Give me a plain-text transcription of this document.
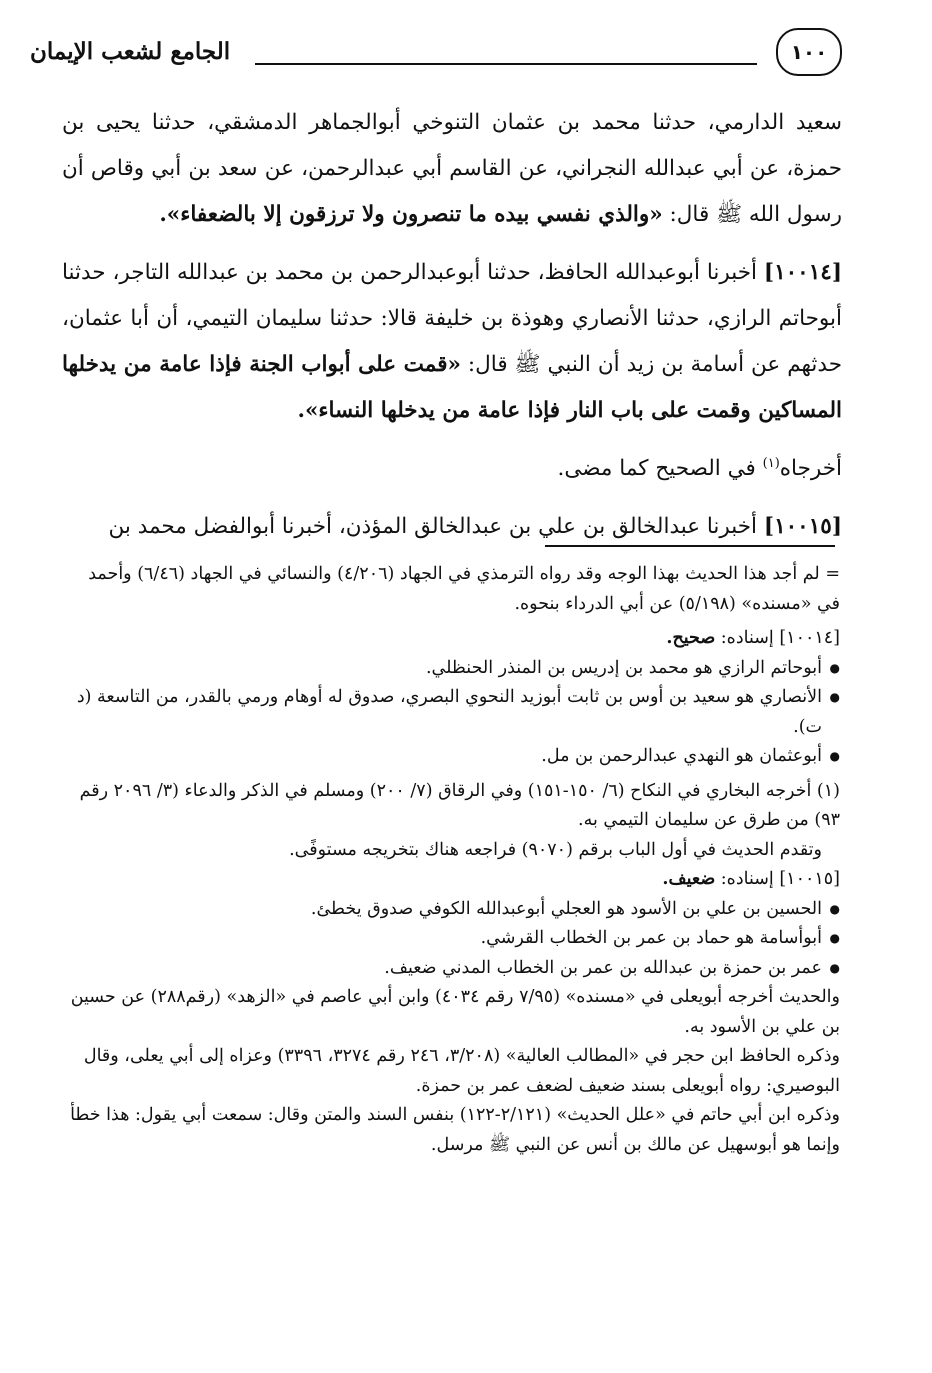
الجامع لشعب الإيمان	١٠٠

سعيد الدارمي، حدثنا محمد بن عثمان التنوخي أبوالجماهر الدمشقي، حدثنا يحيى بن حمزة، عن أبي عبدالله النجراني، عن القاسم أبي عبدالرحمن، عن سعد بن أبي وقاص أن رسول الله ﷺ قال: «والذي نفسي بيده ما تنصرون ولا ترزقون إلا بالضعفاء».

[١٠٠١٤] أخبرنا أبوعبدالله الحافظ، حدثنا أبوعبدالرحمن بن محمد بن عبدالله التاجر، حدثنا أبوحاتم الرازي، حدثنا الأنصاري وهوذة بن خليفة قالا: حدثنا سليمان التيمي، أن أبا عثمان، حدثهم عن أسامة بن زيد أن النبي ﷺ قال: «قمت على أبواب الجنة فإذا عامة من يدخلها المساكين وقمت على باب النار فإذا عامة من يدخلها النساء».

أخرجاه$^{(١)}$ في الصحيح كما مضى.

[١٠٠١٥] أخبرنا عبدالخالق بن علي بن عبدالخالق المؤذن، أخبرنا أبوالفضل محمد بن

= لم أجد هذا الحديث بهذا الوجه وقد رواه الترمذي في الجهاد (٤/٢٠٦) والنسائي في الجهاد (٦/٤٦) وأحمد في «مسنده» (٥/١٩٨) عن أبي الدرداء بنحوه.

[١٠٠١٤] إسناده: صحيح.

● أبوحاتم الرازي هو محمد بن إدريس بن المنذر الحنظلي.

● الأنصاري هو سعيد بن أوس بن ثابت أبوزيد النحوي البصري، صدوق له أوهام ورمي بالقدر، من التاسعة (د ت).

● أبوعثمان هو النهدي عبدالرحمن بن مل.

(١) أخرجه البخاري في النكاح (٦/ ١٥٠-١٥١) وفي الرقاق (٧/ ٢٠٠) ومسلم في الذكر والدعاء (٣/ ٢٠٩٦ رقم ٩٣) من طرق عن سليمان التيمي به.

وتقدم الحديث في أول الباب برقم (٩٠٧٠) فراجعه هناك بتخريجه مستوفًى.

[١٠٠١٥] إسناده: ضعيف.

● الحسين بن علي بن الأسود هو العجلي أبوعبدالله الكوفي صدوق يخطئ.

● أبوأسامة هو حماد بن عمر بن الخطاب القرشي.

● عمر بن حمزة بن عبدالله بن عمر بن الخطاب المدني ضعيف.

والحديث أخرجه أبويعلى في «مسنده» (٧/٩٥ رقم ٤٠٣٤) وابن أبي عاصم في «الزهد» (رقم٢٨٨) عن حسين بن علي بن الأسود به.

وذكره الحافظ ابن حجر في «المطالب العالية» (٣/٢٠٨، ٢٤٦ رقم ٣٢٧٤، ٣٣٩٦) وعزاه إلى أبي يعلى، وقال البوصيري: رواه أبويعلى بسند ضعيف لضعف عمر بن حمزة.

وذكره ابن أبي حاتم في «علل الحديث» (٢/١٢١-١٢٢) بنفس السند والمتن وقال: سمعت أبي يقول: هذا خطأ وإنما هو أبوسهيل عن مالك بن أنس عن النبي ﷺ مرسل.
